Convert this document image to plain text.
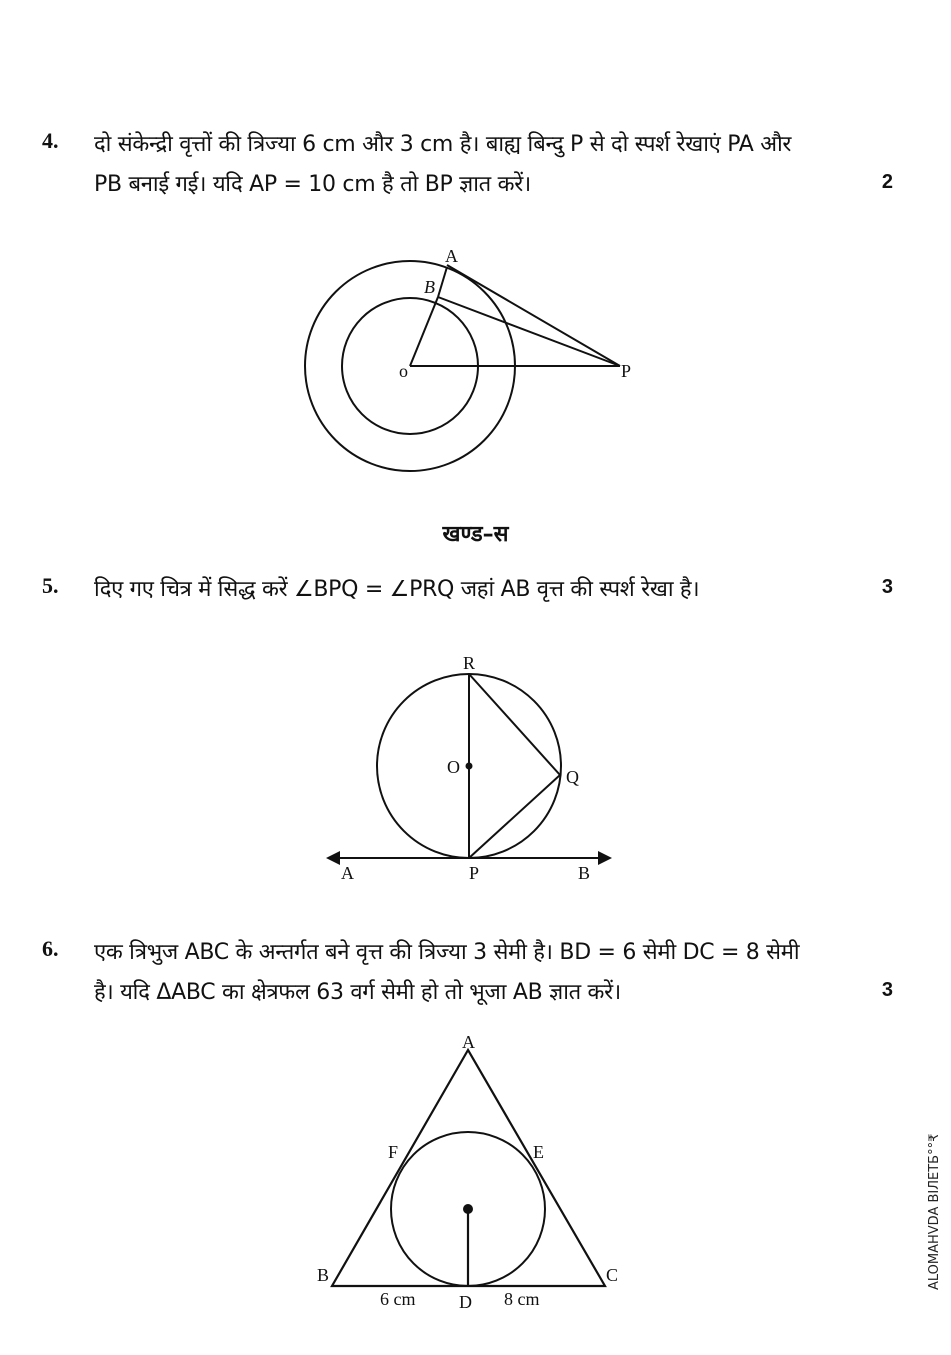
4. दो संकेन्द्री वृत्तों की त्रिज्या 6 cm और 3 cm है। बाह्य बिन्दु P से दो स्पर्श रेखाएं PA और
PB बनाई गई। यदि AP = 10 cm है तो BP ज्ञात करें।	2
A
B
o	P
खण्ड–स
5. दिए गए चित्र में सिद्ध करें ∠BPQ = ∠PRQ जहां AB वृत्त की स्पर्श रेखा है।	3
R
O	Q
A	P	B
6. एक त्रिभुज ABC के अन्तर्गत बने वृत्त की त्रिज्या 3 सेमी है। BD = 6 सेमी DC = 8 सेमी
है। यदि ΔABC का क्षेत्रफल 63 वर्ग सेमी हो तो भूजा AB ज्ञात करें।	3
A
F	E
B	C
D
6 cm	8 cm
ALOMAHVDA ВІЛЕТБ°°₹
